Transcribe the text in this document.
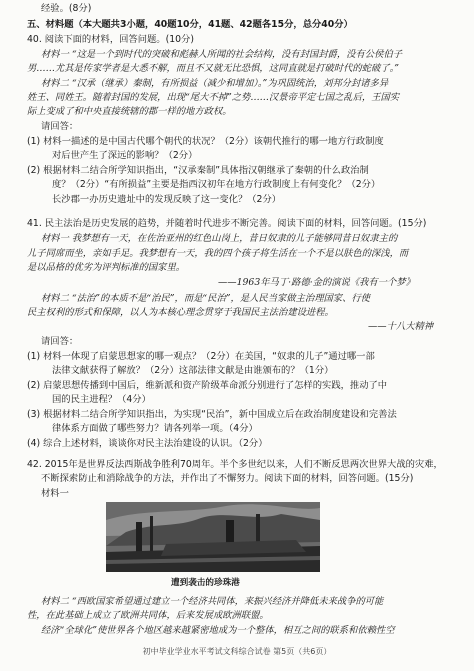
经验。(8分)
五、材料题（本大题共3小题，40题10分，41题、42题各15分，总分40分）
40. 阅读下面的材料，回答问题。(10分)
材料一 “这是一个到时代的突破和彪赫人所闻的社会结构，没有封国封爵，没有公侯伯子
男……尤其是传家学者是大悉不解，而且不又就无比恐惧，这同直就是打破时代的蛇破了。”
材料二 “汉承（继承）秦制，有所损益（减少和增加）。”为巩固统治，刘邦分封诸多异
姓王、同姓王。随着封国的发展，出现“尾大不掉”之势……汉景帝平定七国之乱后，王国实
际上变成了和中央直接统辖的郡一样的地方政权。
请回答：
(1) 材料一描述的是中国古代哪个朝代的状况？（2分）该朝代推行的哪一地方行政制度
对后世产生了深远的影响？（2分）
(2) 根据材料二结合所学知识指出，“汉承秦制”具体指汉朝继承了秦朝的什么政治制
度？（2分）“有所损益”主要是指西汉初年在地方行政制度上有何变化？（2分）
长沙郡一办历史遗址中的发现反映了这一变化？（2分）
41. 民主法治是历史发展的趋势，并随着时代进步不断完善。阅读下面的材料，回答问题。(15分)
材料一 我梦想有一天，在佐治亚州的红色山岗上，昔日奴隶的儿子能够同昔日奴隶主的
儿子同席而坐，亲如手足。我梦想有一天，我的四个孩子将生活在一个不是以肤色的深浅，而
是以品格的优劣为评判标准的国家里。
——1963年马丁·路德·金的演说《我有一个梦》
材料二 “法治”的本质不是“治民”，而是“民治”，是人民当家做主治理国家、行使
民主权利的形式和保障，以人为本核心理念贯穿于我国民主法治建设进程。
——十八大精神
请回答：
(1) 材料一体现了启蒙思想家的哪一观点？（2分）在美国，“奴隶的儿子”通过哪一部
法律文献获得了解放？（2分）这部法律文献是由谁颁布的？（1分）
(2) 启蒙思想传播到中国后，维新派和资产阶级革命派分别进行了怎样的实践，推动了中
国的民主进程？（4分）
(3) 根据材料二结合所学知识指出，为实现“民治”，新中国成立后在政治制度建设和完善法
律体系方面做了哪些努力？请各列举一项。（4分）
(4) 综合上述材料，谈谈你对民主法治建设的认识。（2分）
42. 2015年是世界反法西斯战争胜利70周年。半个多世纪以来，人们不断反思两次世界大战的灾难，
不断探索防止和消除战争的方法，并作出了不懈努力。阅读下面的材料，回答问题。(15分)
材料一
遭到袭击的珍珠港
材料二 “西欧国家希望通过建立一个经济共同体，来振兴经济并降低未来战争的可能
性，在此基础上成立了欧洲共同体，后来发展成欧洲联盟。
经济“全球化”使世界各个地区越来越紧密地成为一个整体，相互之间的联系和依赖性空
初中毕业学业水平考试文科综合试卷 第5页（共6页）
